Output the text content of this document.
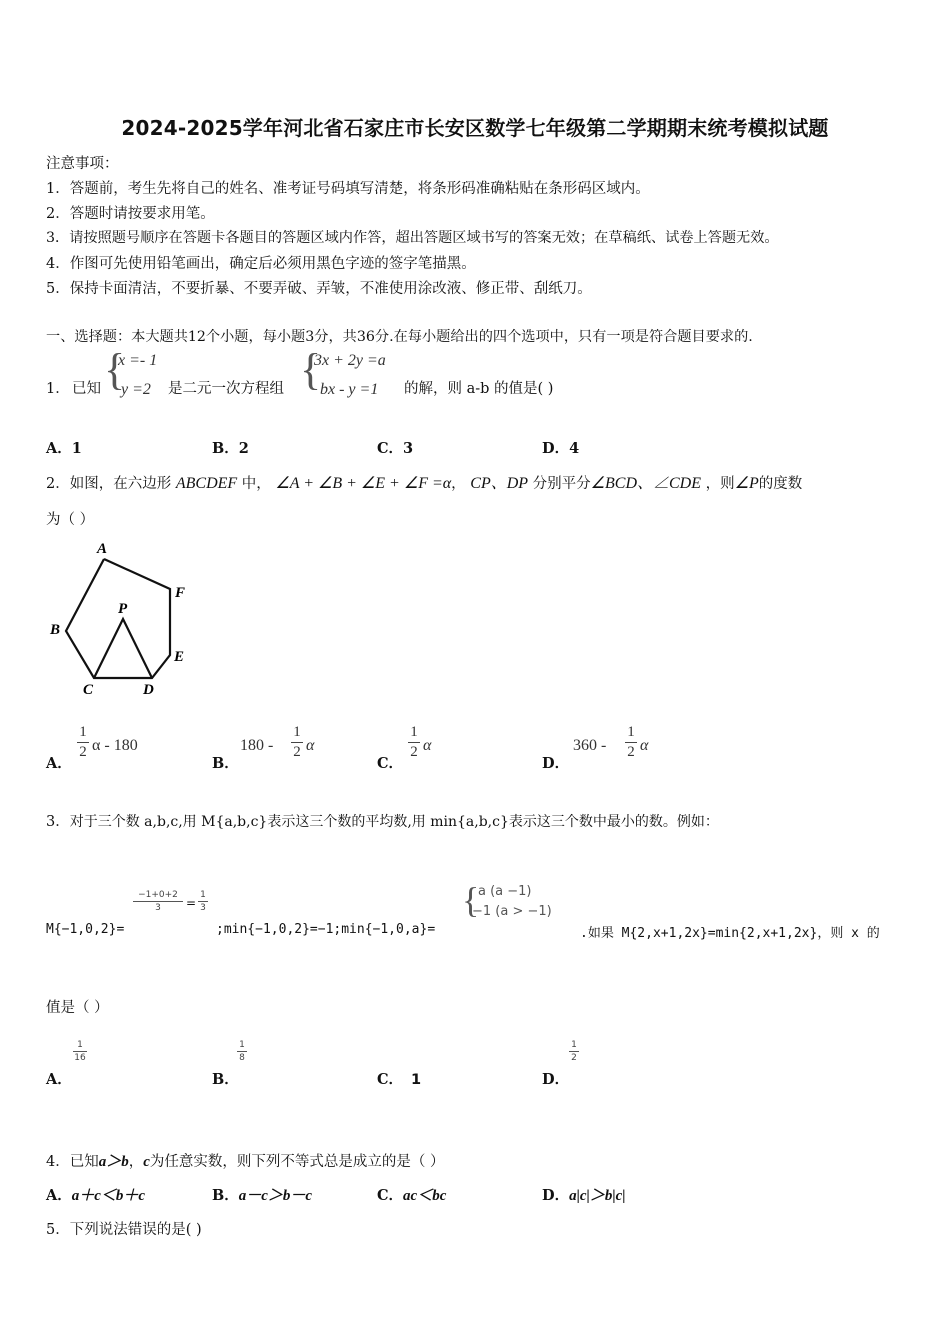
2024-2025学年河北省石家庄市长安区数学七年级第二学期期末统考模拟试题
注意事项：
1．答题前，考生先将自己的姓名、准考证号码填写清楚，将条形码准确粘贴在条形码区域内。
2．答题时请按要求用笔。
3．请按照题号顺序在答题卡各题目的答题区域内作答，超出答题区域书写的答案无效；在草稿纸、试卷上答题无效。
4．作图可先使用铅笔画出，确定后必须用黑色字迹的签字笔描黑。
5．保持卡面清洁，不要折暴、不要弄破、弄皱，不准使用涂改液、修正带、刮纸刀。
一、选择题：本大题共12个小题，每小题3分，共36分.在每小题给出的四个选项中，只有一项是符合题目要求的.
1． 已知 {
x =- 1
y =2 是二元一次方程组 {
3x + 2y =a
bx - y =1 的解，则 a-b 的值是( )
A．1	B．2	C．3	D．4
2．如图，在六边形 ABCDEF 中， ∠A + ∠B + ∠E + ∠F =α， CP、DP 分别平分∠BCD、∠CDE ，则∠P的度数
为（ ）
A
B
C	D
E
F
P
A．
1
2 α - 180
B．
180 -
1
2 α
C．
1
2 α
D．
360 -
1
2 α
3．对于三个数 a,b,c,用 M{a,b,c}表示这三个数的平均数,用 min{a,b,c}表示这三个数中最小的数。例如：
M{−1,0,2}=
−1+0+2
3	=
1
3
;min{−1,0,2}=−1;min{−1,0,a}=
{
a (a −1)
−1 (a > −1)
.如果 M{2,x+1,2x}=min{2,x+1,2x}，则 x 的
值是（ ）
A．
1
16
B．
1
8
C． 1	D．
1
2
4．已知a＞b，c为任意实数，则下列不等式总是成立的是（ ）
A．a＋c＜b＋c	B．a－c＞b－c	C．ac＜bc	D．a|c|＞b|c|
5．下列说法错误的是( )
